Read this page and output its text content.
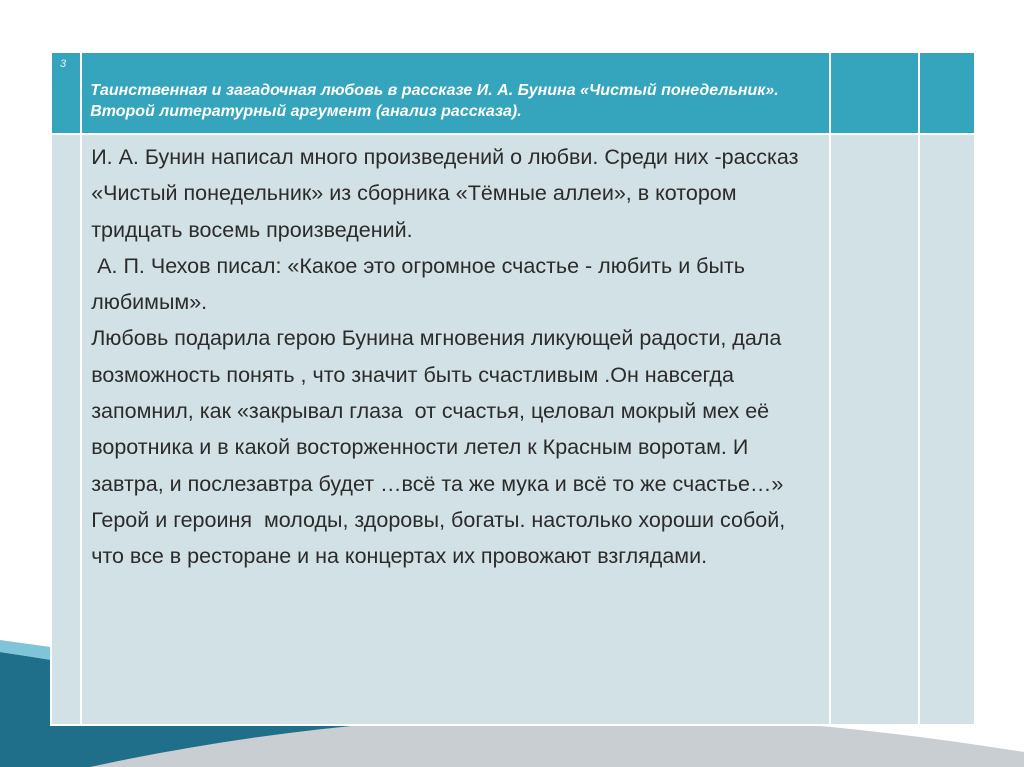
3	Таинственная и загадочная любовь в рассказе И. А. Бунина «Чистый понедельник». Второй литературный аргумент (анализ рассказа).		

	И. А. Бунин написал много произведений о любви. Среди них -рассказ «Чистый понедельник» из сборника «Тёмные аллеи», в котором тридцать восемь произведений.

А. П. Чехов писал: «Какое это огромное счастье - любить и быть любимым».

Любовь подарила герою Бунина мгновения ликующей радости, дала возможность понять , что значит быть счастливым .Он навсегда запомнил, как «закрывал глаза  от счастья, целовал мокрый мех её воротника и в какой восторженности летел к Красным воротам. И завтра, и послезавтра будет …всё та же мука и всё то же счастье…» Герой и героиня  молоды, здоровы, богаты. настолько хороши собой, что все в ресторане и на концертах их провожают взглядами.		
